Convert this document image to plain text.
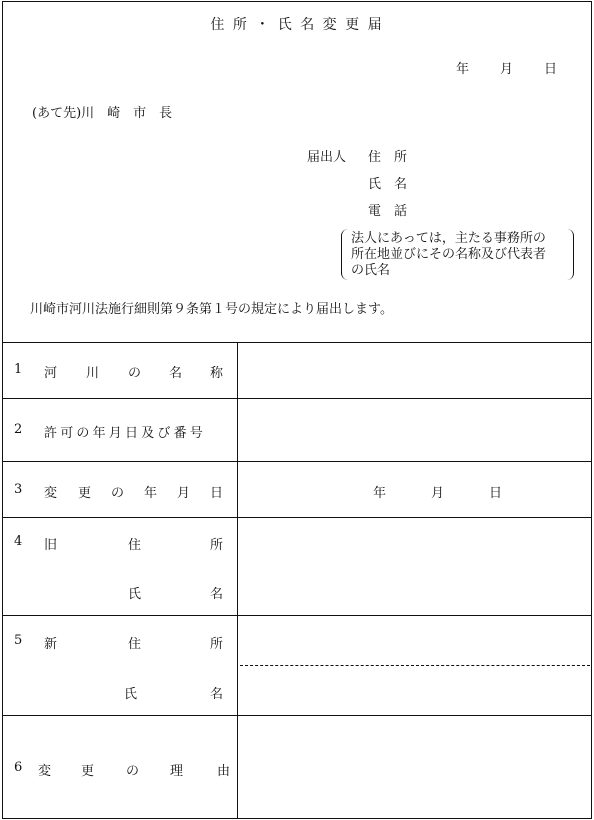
住 所 ・ 氏 名 変 更 届
年 月 日
(あて先)川　崎　市　長
届出人 住　所
氏　名
電　話
法人にあっては，主たる事務所の
所在地並びにその名称及び代表者
の氏名
川崎市河川法施行細則第９条第１号の規定により届出します。
1 河 川 の 名 称
2 許可の年月日及び番号
3 変 更 の 年 月 日	年	月	日
4 旧	住	所
氏	名
5 新	住	所
氏	名
6 変 更 の 理	由
